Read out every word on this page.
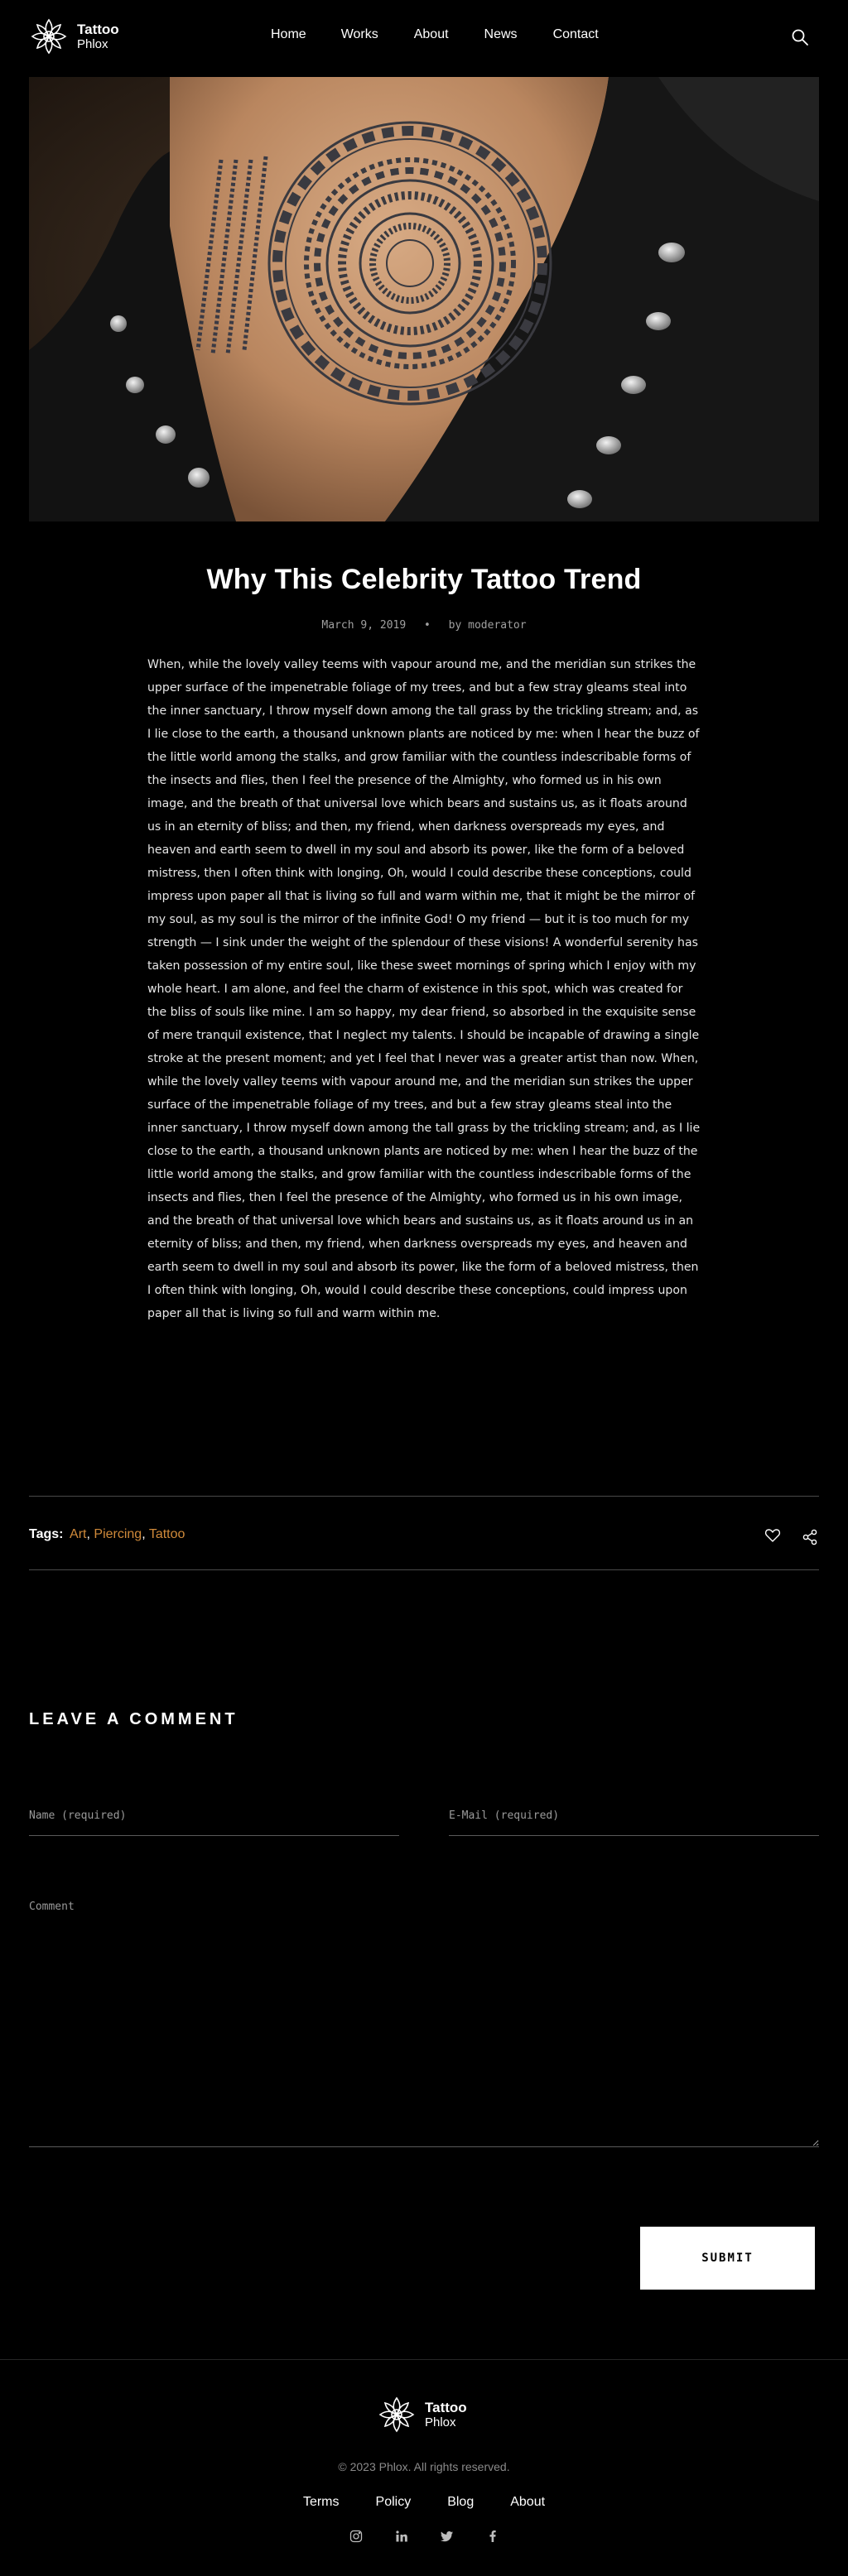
Tattoo
Phlox
Home	Works	About	News	Contact
Why This Celebrity Tattoo Trend
March 9, 2019 • by moderator

When, while the lovely valley teems with vapour around me, and the meridian sun strikes the upper surface of the impenetrable foliage of my trees, and but a few stray gleams steal into the inner sanctuary, I throw myself down among the tall grass by the trickling stream; and, as I lie close to the earth, a thousand unknown plants are noticed by me: when I hear the buzz of the little world among the stalks, and grow familiar with the countless indescribable forms of the insects and flies, then I feel the presence of the Almighty, who formed us in his own image, and the breath of that universal love which bears and sustains us, as it floats around us in an eternity of bliss; and then, my friend, when darkness overspreads my eyes, and heaven and earth seem to dwell in my soul and absorb its power, like the form of a beloved mistress, then I often think with longing, Oh, would I could describe these conceptions, could impress upon paper all that is living so full and warm within me, that it might be the mirror of my soul, as my soul is the mirror of the infinite God! O my friend — but it is too much for my strength — I sink under the weight of the splendour of these visions! A wonderful serenity has taken possession of my entire soul, like these sweet mornings of spring which I enjoy with my whole heart. I am alone, and feel the charm of existence in this spot, which was created for the bliss of souls like mine. I am so happy, my dear friend, so absorbed in the exquisite sense of mere tranquil existence, that I neglect my talents. I should be incapable of drawing a single stroke at the present moment; and yet I feel that I never was a greater artist than now. When, while the lovely valley teems with vapour around me, and the meridian sun strikes the upper surface of the impenetrable foliage of my trees, and but a few stray gleams steal into the inner sanctuary, I throw myself down among the tall grass by the trickling stream; and, as I lie close to the earth, a thousand unknown plants are noticed by me: when I hear the buzz of the little world among the stalks, and grow familiar with the countless indescribable forms of the insects and flies, then I feel the presence of the Almighty, who formed us in his own image, and the breath of that universal love which bears and sustains us, as it floats around us in an eternity of bliss; and then, my friend, when darkness overspreads my eyes, and heaven and earth seem to dwell in my soul and absorb its power, like the form of a beloved mistress, then I often think with longing, Oh, would I could describe these conceptions, could impress upon paper all that is living so full and warm within me.

Tags: Art, Piercing, Tattoo
LEAVE A COMMENT
Name (required)
E-Mail (required)
Comment
SUBMIT
Tattoo
Phlox
© 2023 Phlox. All rights reserved.
Terms	Policy	Blog	About
